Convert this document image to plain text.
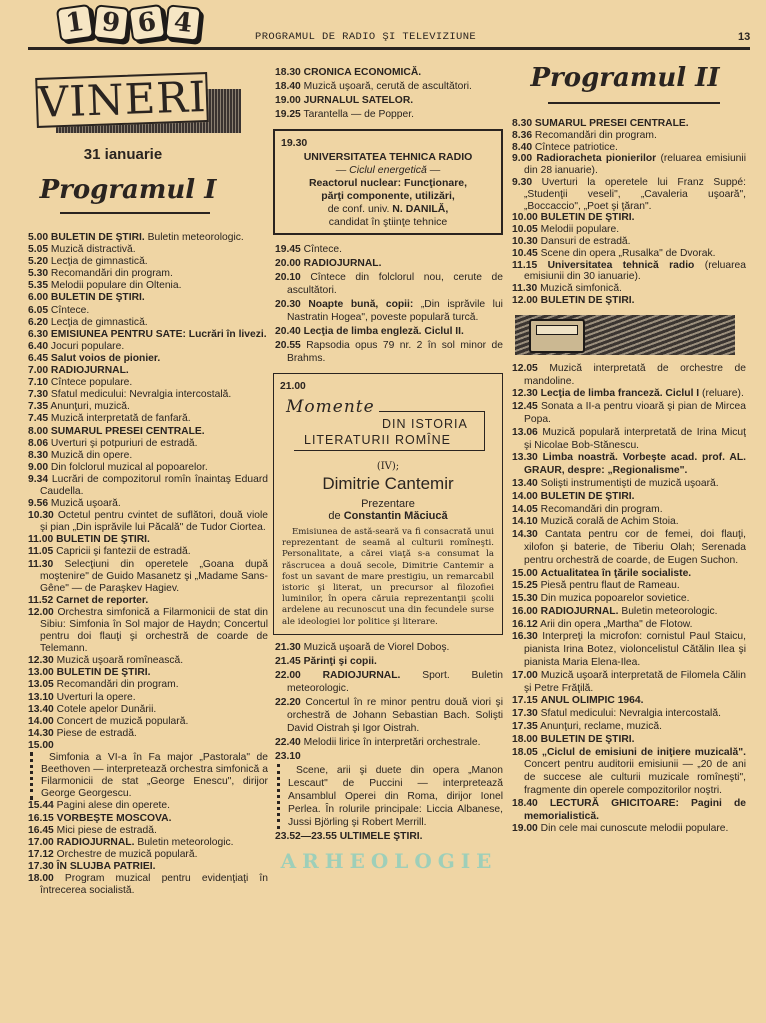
1 9 6 4	PROGRAMUL DE RADIO ŞI TELEVIZIUNE	13
VINERI
31 ianuarie
Programul I
Programul II
5.00 BULETIN DE ŞTIRI. Buletin meteorologic.
5.05 Muzică distractivă.
5.20 Lecţia de gimnastică.
5.30 Recomandări din program.
5.35 Melodii populare din Oltenia.
6.00 BULETIN DE ŞTIRI.
6.05 Cîntece.
6.20 Lecţia de gimnastică.
6.30 EMISIUNEA PENTRU SATE: Lucrări în livezi.
6.40 Jocuri populare.
6.45 Salut voios de pionier.
7.00 RADIOJURNAL.
7.10 Cîntece populare.
7.30 Sfatul medicului: Nevralgia intercostală.
7.35 Anunţuri, muzică.
7.45 Muzică interpretată de fanfară.
8.00 SUMARUL PRESEI CENTRALE.
8.06 Uverturi şi potpuriuri de estradă.
8.30 Muzică din opere.
9.00 Din folclorul muzical al popoarelor.
9.34 Lucrări de compozitorul romîn înaintaş Eduard Caudella.
9.56 Muzică uşoară.
10.30 Octetul pentru cvintet de suflători, două viole şi pian „Din isprăvile lui Păcală" de Tudor Ciortea.
11.00 BULETIN DE ŞTIRI.
11.05 Capricii şi fantezii de estradă.
11.30 Selecţiuni din operetele „Goana după moştenire" de Guido Masanetz şi „Madame Sans-Gêne" — de Paraşkev Hagiev.
11.52 Carnet de reporter.
12.00 Orchestra simfonică a Filarmonicii de stat din Sibiu: Simfonia în Sol major de Haydn; Concertul pentru doi flauţi şi orchestră de coarde de Telemann.
12.30 Muzică uşoară romînească.
13.00 BULETIN DE ŞTIRI.
13.05 Recomandări din program.
13.10 Uverturi la opere.
13.40 Cotele apelor Dunării.
14.00 Concert de muzică populară.
14.30 Piese de estradă.
15.00
Simfonia a VI-a în Fa major „Pastorala" de Beethoven — interpretează orchestra simfonică a Filarmonicii de stat „George Enescu", dirijor George Georgescu.
15.44 Pagini alese din operete.
16.15 VORBEŞTE MOSCOVA.
16.45 Mici piese de estradă.
17.00 RADIOJURNAL. Buletin meteorologic.
17.12 Orchestre de muzică populară.
17.30 ÎN SLUJBA PATRIEI.
18.00 Program muzical pentru evidenţiaţi în întrecerea socialistă.
18.30 CRONICA ECONOMICĂ.
18.40 Muzică uşoară, cerută de ascultători.
19.00 JURNALUL SATELOR.
19.25 Tarantella — de Popper.
19.30
UNIVERSITATEA TEHNICA RADIO
— Ciclul energetică —
Reactorul nuclear: Funcţionare,
părţi componente, utilizări,
de conf. univ. N. DANILĂ,
candidat în ştiinţe tehnice
19.45 Cîntece.
20.00 RADIOJURNAL.
20.10 Cîntece din folclorul nou, cerute de ascultători.
20.30 Noapte bună, copii: „Din isprăvile lui Nastratin Hogea", poveste populară turcă.
20.40 Lecţia de limba engleză. Ciclul II.
20.55 Rapsodia opus 79 nr. 2 în sol minor de Brahms.
21.00
Momente
DIN ISTORIA
LITERATURII ROMÎNE
(IV);
Dimitrie Cantemir
Prezentare
de Constantin Măciucă
Emisiunea de astă-seară va fi consacrată unui reprezentant de seamă al culturii romîneşti. Personalitate, a cărei viaţă s-a consumat la răscrucea a două secole, Dimitrie Cantemir a fost un savant de mare prestigiu, un remarcabil istoric şi literat, un precursor al filozofiei luminilor, în opera căruia reprezentanţii şcolii ardelene au recunoscut una din fecundele surse ale ideologiei lor politice şi literare.
21.30 Muzică uşoară de Viorel Doboş.
21.45 Părinţi şi copii.
22.00 RADIOJURNAL. Sport. Buletin meteorologic.
22.20 Concertul în re minor pentru două viori şi orchestră de Johann Sebastian Bach. Solişti David Oistrah şi Igor Oistrah.
22.40 Melodii lirice în interpretări orchestrale.
23.10
Scene, arii şi duete din opera „Manon Lescaut" de Puccini — interpretează Ansamblul Operei din Roma, dirijor Ionel Perlea. În rolurile principale: Liccia Albanese, Jussi Björling şi Robert Merrill.
23.52—23.55 ULTIMELE ŞTIRI.
ARHEOLOGIE
8.30 SUMARUL PRESEI CENTRALE.
8.36 Recomandări din program.
8.40 Cîntece patriotice.
9.00 Radioracheta pionierilor (reluarea emisiunii din 28 ianuarie).
9.30 Uverturi la operetele lui Franz Suppé: „Studenţii veseli", „Cavaleria uşoară", „Boccaccio", „Poet şi ţăran".
10.00 BULETIN DE ŞTIRI.
10.05 Melodii populare.
10.30 Dansuri de estradă.
10.45 Scene din opera „Rusalka" de Dvorak.
11.15 Universitatea tehnică radio (reluarea emisiunii din 30 ianuarie).
11.30 Muzică simfonică.
12.00 BULETIN DE ŞTIRI.
12.05 Muzică interpretată de orchestre de mandoline.
12.30 Lecţia de limba franceză. Ciclul I (reluare).
12.45 Sonata a II-a pentru vioară şi pian de Mircea Popa.
13.06 Muzică populară interpretată de Irina Micuţ şi Nicolae Bob-Stănescu.
13.30 Limba noastră. Vorbeşte acad. prof. AL. GRAUR, despre: „Regionalisme".
13.40 Solişti instrumentişti de muzică uşoară.
14.00 BULETIN DE ŞTIRI.
14.05 Recomandări din program.
14.10 Muzică corală de Achim Stoia.
14.30 Cantata pentru cor de femei, doi flauţi, xilofon şi baterie, de Tiberiu Olah; Serenada pentru orchestră de coarde, de Eugen Suchon.
15.00 Actualitatea în ţările socialiste.
15.25 Piesă pentru flaut de Rameau.
15.30 Din muzica popoarelor sovietice.
16.00 RADIOJURNAL. Buletin meteorologic.
16.12 Arii din opera „Martha" de Flotow.
16.30 Interpreţi la microfon: cornistul Paul Staicu, pianista Irina Botez, violoncelistul Cătălin Ilea şi pianista Maria Elena-Ilea.
17.00 Muzică uşoară interpretată de Filomela Călin şi Petre Frăţilă.
17.15 ANUL OLIMPIC 1964.
17.30 Sfatul medicului: Nevralgia intercostală.
17.35 Anunţuri, reclame, muzică.
18.00 BULETIN DE ŞTIRI.
18.05 „Ciclul de emisiuni de iniţiere muzicală". Concert pentru auditorii emisiunii — „20 de ani de succese ale culturii muzicale romîneşti", fragmente din operele compozitorilor noştri.
18.40 LECTURĂ GHICITOARE: Pagini de memorialistică.
19.00 Din cele mai cunoscute melodii populare.
